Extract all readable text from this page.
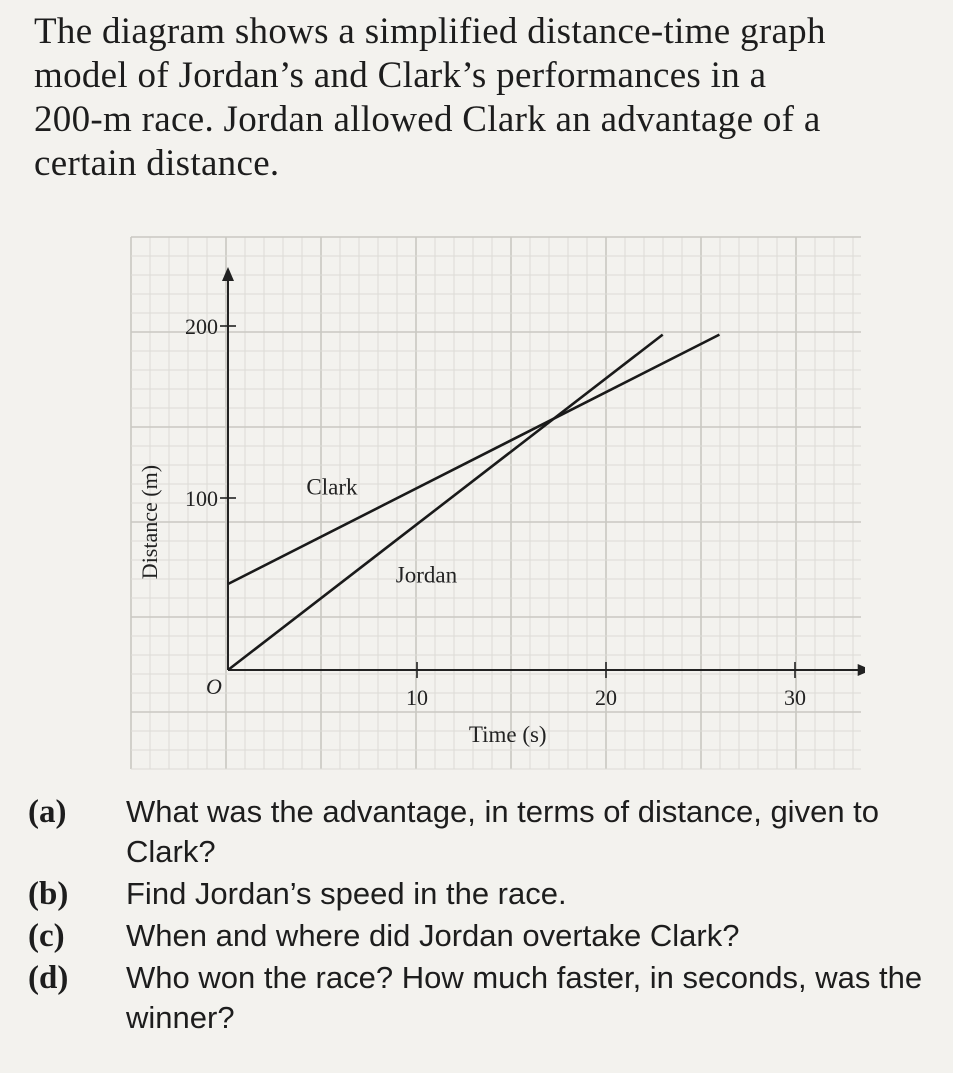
The diagram shows a simplified distance-time graph
model of Jordan’s and Clark’s performances in a
200-m race. Jordan allowed Clark an advantage of a
certain distance.
10	20	30
100
200
O
Time (s)
Distance (m)	Clark
Jordan
(a)	What was the advantage, in terms of distance, given to Clark?
(b)	Find Jordan’s speed in the race.
(c)	When and where did Jordan overtake Clark?
(d)	Who won the race? How much faster, in seconds, was the winner?
